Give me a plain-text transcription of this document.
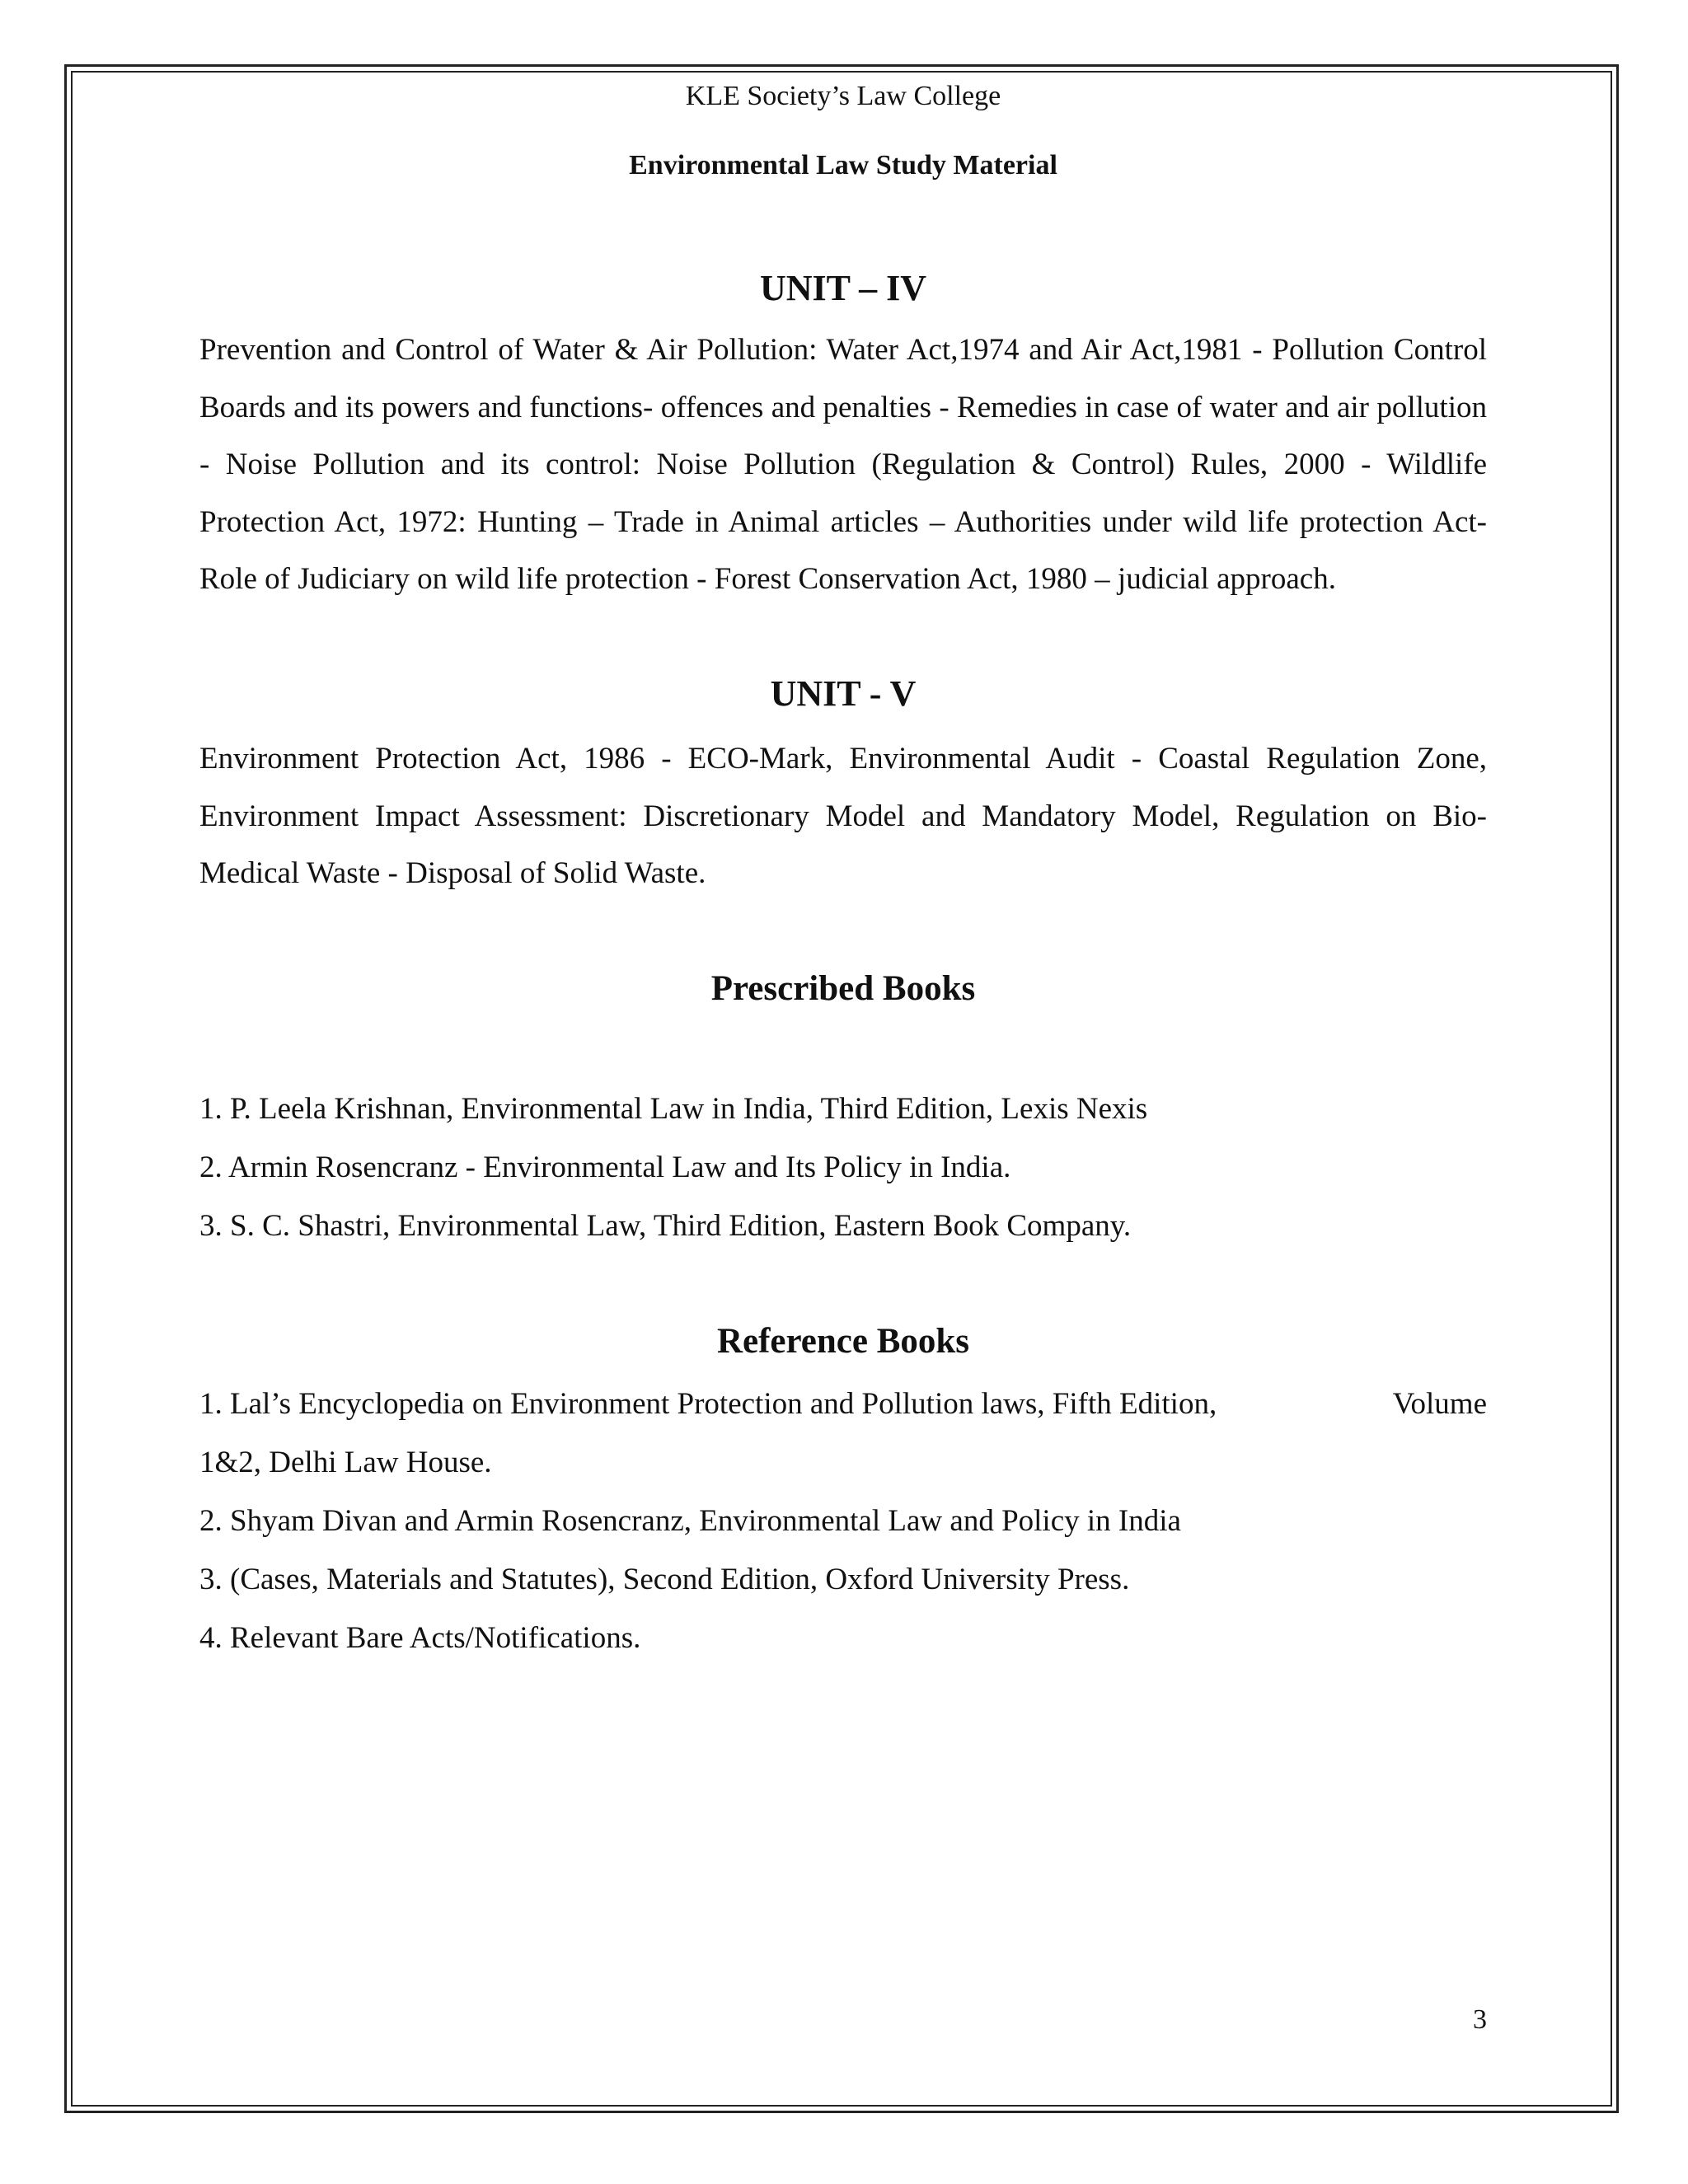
KLE Society’s Law College
Environmental Law Study Material
UNIT – IV

Prevention and Control of Water & Air Pollution: Water Act,1974 and Air Act,1981 - Pollution Control Boards and its powers and functions- offences and penalties - Remedies in case of water and air pollution - Noise Pollution and its control: Noise Pollution (Regulation & Control) Rules, 2000 - Wildlife Protection Act, 1972: Hunting – Trade in Animal articles – Authorities under wild life protection Act- Role of Judiciary on wild life protection - Forest Conservation Act, 1980 – judicial approach.

UNIT - V

Environment Protection Act, 1986 - ECO-Mark, Environmental Audit - Coastal Regulation Zone, Environment Impact Assessment: Discretionary Model and Mandatory Model, Regulation on Bio-Medical Waste - Disposal of Solid Waste.

Prescribed Books
1. P. Leela Krishnan, Environmental Law in India, Third Edition, Lexis Nexis
2. Armin Rosencranz - Environmental Law and Its Policy in India.
3. S. C. Shastri, Environmental Law, Third Edition, Eastern Book Company.
Reference Books
1. Lal’s Encyclopedia on Environment Protection and Pollution laws, Fifth Edition,	Volume
1&2, Delhi Law House.
2. Shyam Divan and Armin Rosencranz, Environmental Law and Policy in India
3. (Cases, Materials and Statutes), Second Edition, Oxford University Press.
4. Relevant Bare Acts/Notifications.
3
